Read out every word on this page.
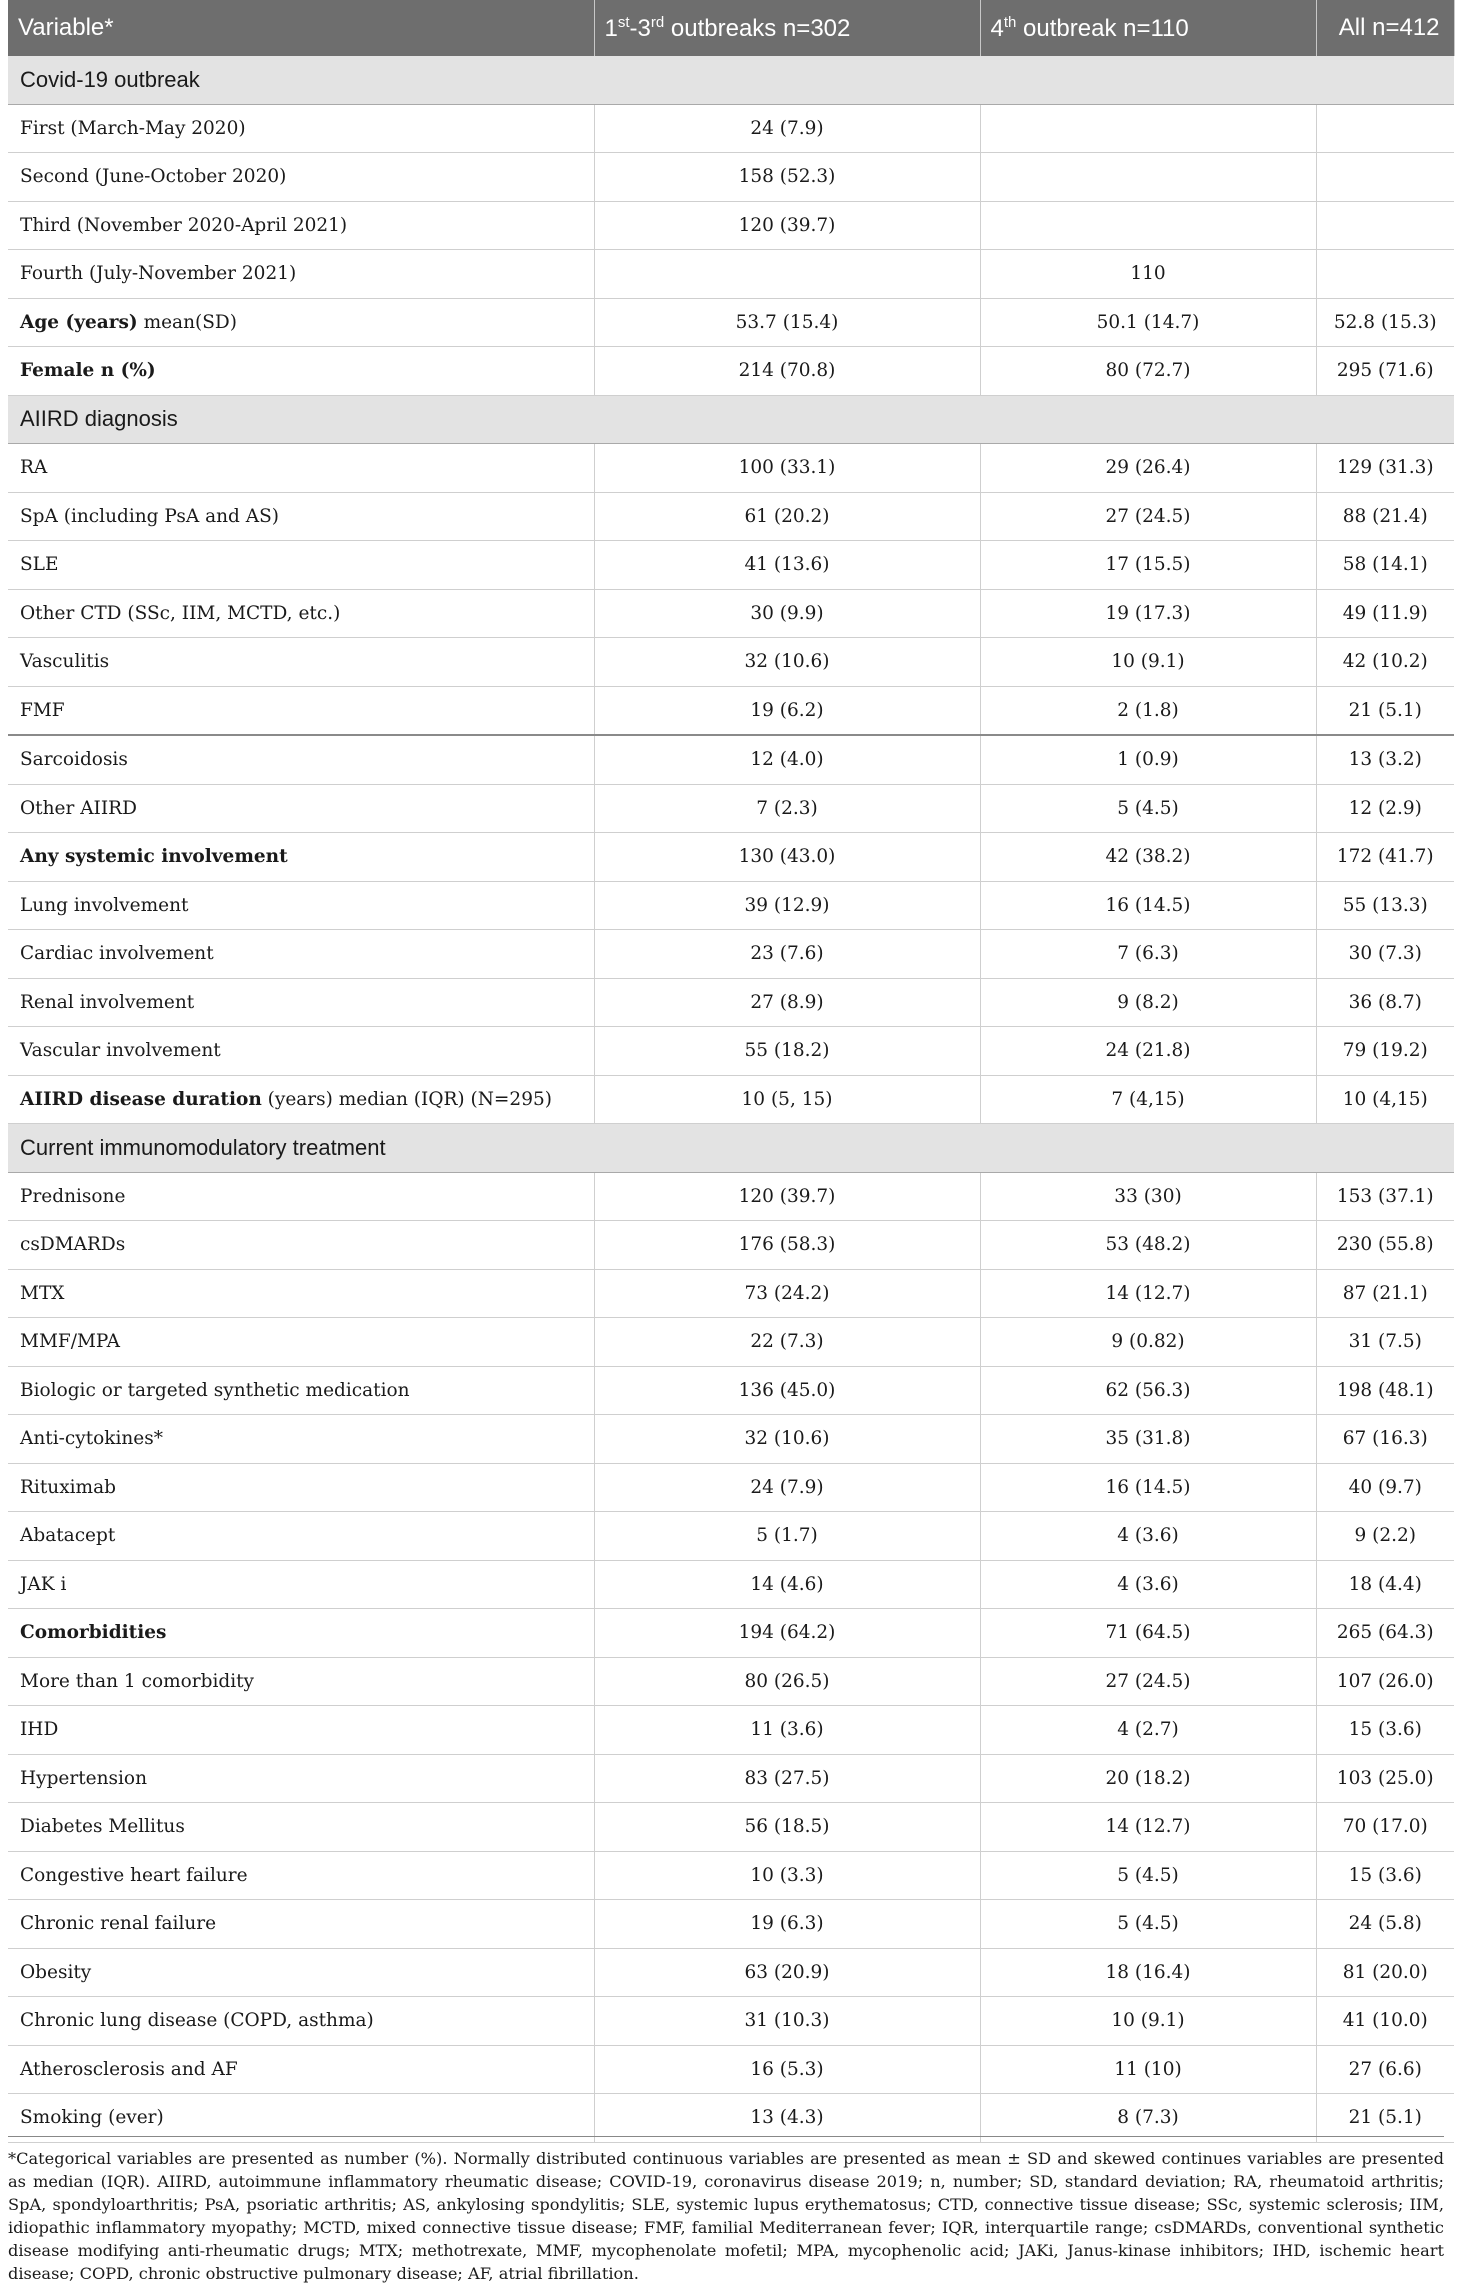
Variable*	1st-3rd outbreaks n=302	4th outbreak n=110	All n=412
Covid-19 outbreak			
First (March-May 2020)	24 (7.9)		
Second (June-October 2020)	158 (52.3)		
Third (November 2020-April 2021)	120 (39.7)		
Fourth (July-November 2021)		110	
Age (years) mean(SD)	53.7 (15.4)	50.1 (14.7)	52.8 (15.3)
Female n (%)	214 (70.8)	80 (72.7)	295 (71.6)
AIIRD diagnosis			
RA	100 (33.1)	29 (26.4)	129 (31.3)
SpA (including PsA and AS)	61 (20.2)	27 (24.5)	88 (21.4)
SLE	41 (13.6)	17 (15.5)	58 (14.1)
Other CTD (SSc, IIM, MCTD, etc.)	30 (9.9)	19 (17.3)	49 (11.9)
Vasculitis	32 (10.6)	10 (9.1)	42 (10.2)
FMF	19 (6.2)	2 (1.8)	21 (5.1)
Sarcoidosis	12 (4.0)	1 (0.9)	13 (3.2)
Other AIIRD	7 (2.3)	5 (4.5)	12 (2.9)
Any systemic involvement	130 (43.0)	42 (38.2)	172 (41.7)
Lung involvement	39 (12.9)	16 (14.5)	55 (13.3)
Cardiac involvement	23 (7.6)	7 (6.3)	30 (7.3)
Renal involvement	27 (8.9)	9 (8.2)	36 (8.7)
Vascular involvement	55 (18.2)	24 (21.8)	79 (19.2)
AIIRD disease duration (years) median (IQR) (N=295)	10 (5, 15)	7 (4,15)	10 (4,15)
Current immunomodulatory treatment			
Prednisone	120 (39.7)	33 (30)	153 (37.1)
csDMARDs	176 (58.3)	53 (48.2)	230 (55.8)
MTX	73 (24.2)	14 (12.7)	87 (21.1)
MMF/MPA	22 (7.3)	9 (0.82)	31 (7.5)
Biologic or targeted synthetic medication	136 (45.0)	62 (56.3)	198 (48.1)
Anti-cytokines*	32 (10.6)	35 (31.8)	67 (16.3)
Rituximab	24 (7.9)	16 (14.5)	40 (9.7)
Abatacept	5 (1.7)	4 (3.6)	9 (2.2)
JAK i	14 (4.6)	4 (3.6)	18 (4.4)
Comorbidities	194 (64.2)	71 (64.5)	265 (64.3)
More than 1 comorbidity	80 (26.5)	27 (24.5)	107 (26.0)
IHD	11 (3.6)	4 (2.7)	15 (3.6)
Hypertension	83 (27.5)	20 (18.2)	103 (25.0)
Diabetes Mellitus	56 (18.5)	14 (12.7)	70 (17.0)
Congestive heart failure	10 (3.3)	5 (4.5)	15 (3.6)
Chronic renal failure	19 (6.3)	5 (4.5)	24 (5.8)
Obesity	63 (20.9)	18 (16.4)	81 (20.0)
Chronic lung disease (COPD, asthma)	31 (10.3)	10 (9.1)	41 (10.0)
Atherosclerosis and AF	16 (5.3)	11 (10)	27 (6.6)
Smoking (ever)	13 (4.3)	8 (7.3)	21 (5.1)

*Categorical variables are presented as number (%). Normally distributed continuous variables are presented as mean ± SD and skewed continues variables are presented as median (IQR). AIIRD, autoimmune inflammatory rheumatic disease; COVID-19, coronavirus disease 2019; n, number; SD, standard deviation; RA, rheumatoid arthritis; SpA, spondyloarthritis; PsA, psoriatic arthritis; AS, ankylosing spondylitis; SLE, systemic lupus erythematosus; CTD, connective tissue disease; SSc, systemic sclerosis; IIM, idiopathic inflammatory myopathy; MCTD, mixed connective tissue disease; FMF, familial Mediterranean fever; IQR, interquartile range; csDMARDs, conventional synthetic disease modifying anti-rheumatic drugs; MTX; methotrexate, MMF, mycophenolate mofetil; MPA, mycophenolic acid; JAKi, Janus-kinase inhibitors; IHD, ischemic heart disease; COPD, chronic obstructive pulmonary disease; AF, atrial fibrillation.
